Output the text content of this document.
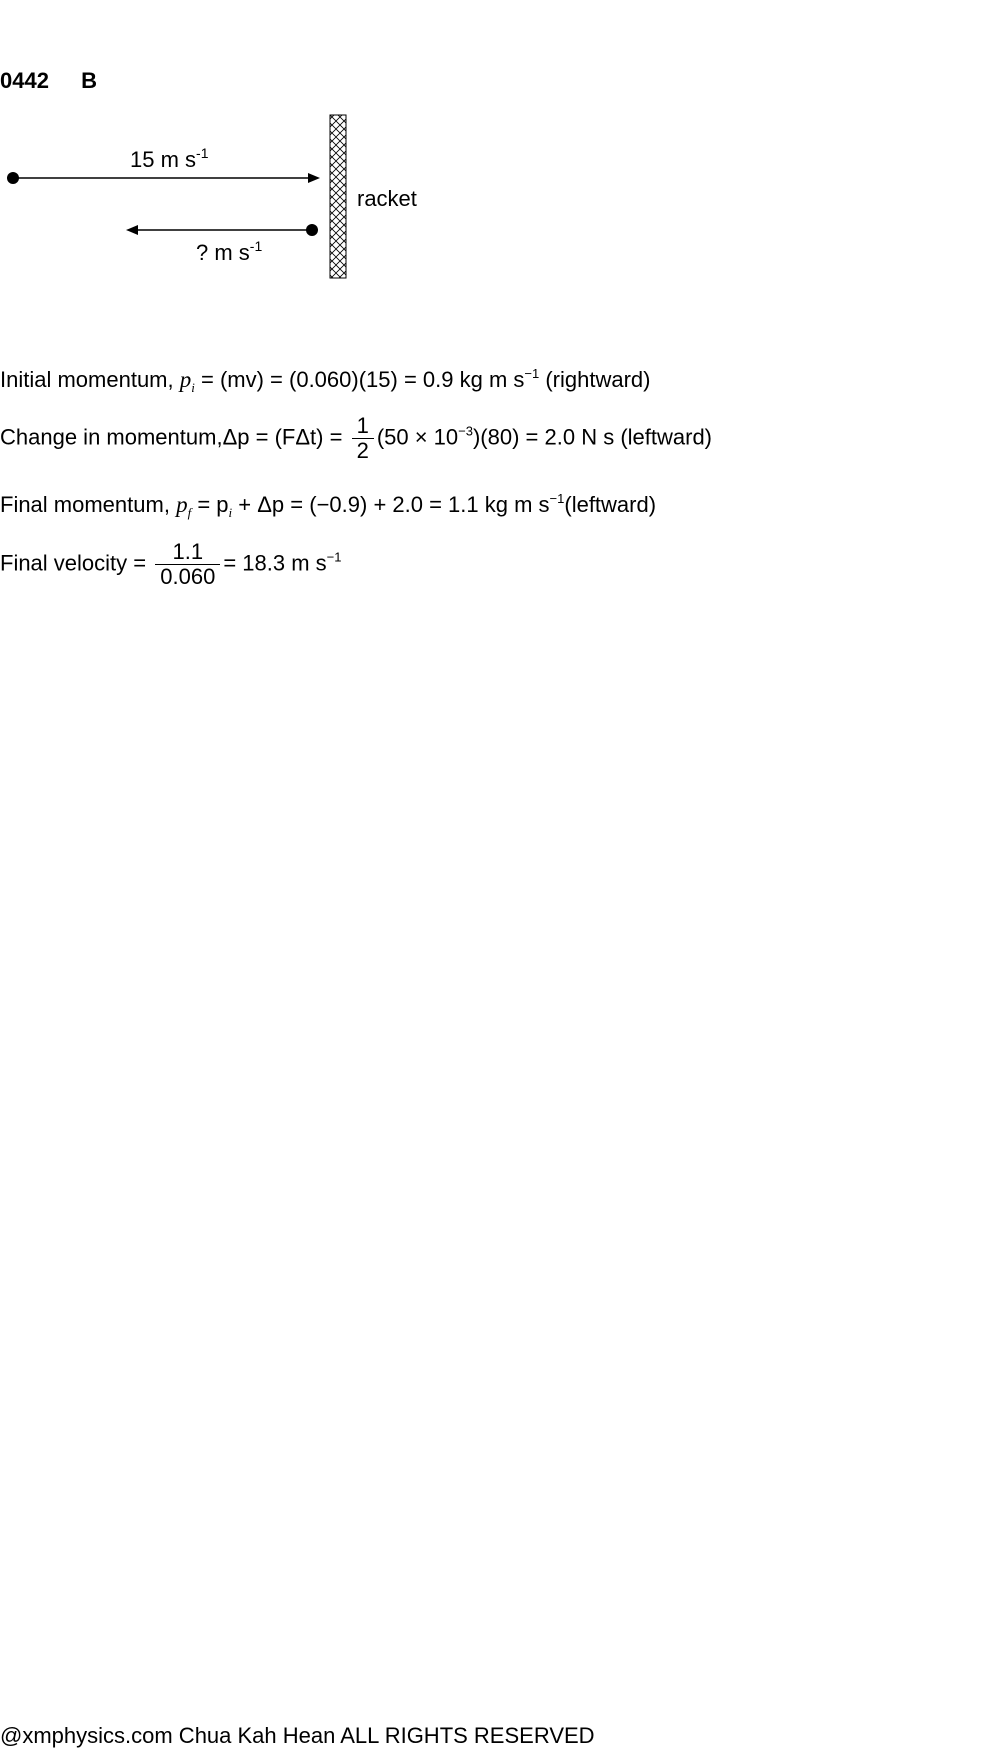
0442 B
15 m $s^{-1}$
? m $s^{-1}$
racket
Initial momentum, $p_i = (mv) = (0.060)(15) = 0.9$ kg m $s^{-1}$ (rightward)
Change in momentum,Δp = $(F\Delta t) = \frac{1}{2} (50 \times 10^{-3})(80) = 2.0$ N s (leftward)
Final momentum, $p_f = p_i + \Delta p = (-0.9) + 2.0 = 1.1$ kg m $s^{-1}(leftward)$
Final velocity = $\frac{1.1}{0.060} = 18.3$ m $s^{-1}$
@xmphysics.com Chua Kah Hean ALL RIGHTS RESERVED
